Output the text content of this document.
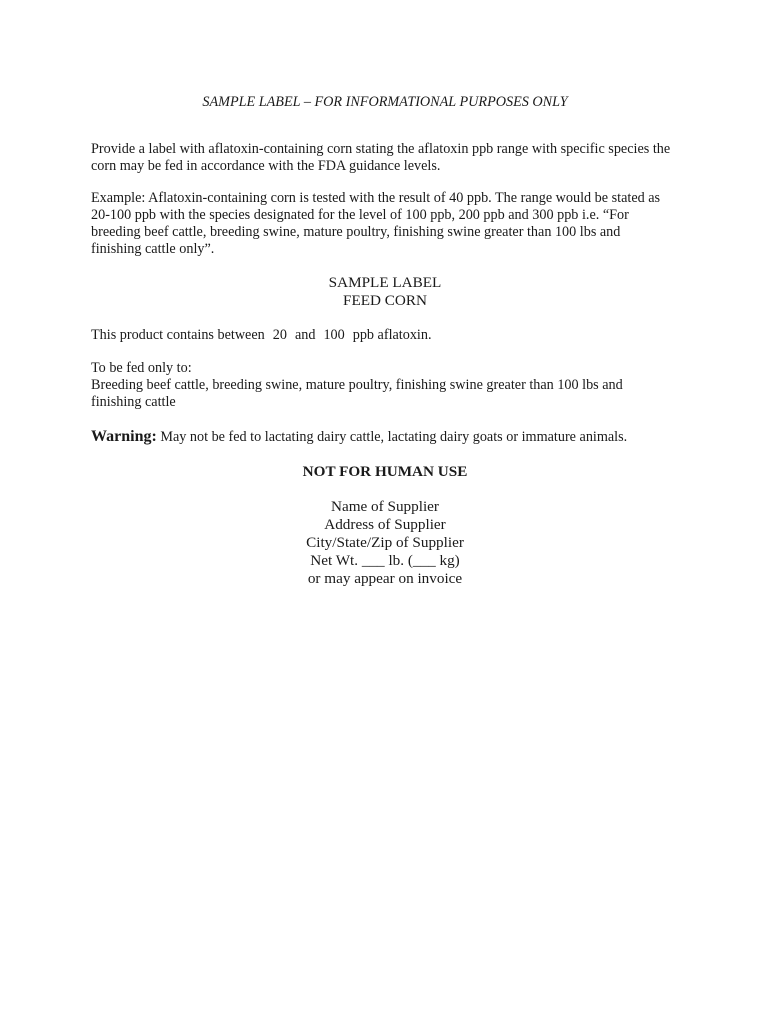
SAMPLE LABEL – FOR INFORMATIONAL PURPOSES ONLY

Provide a label with aflatoxin-containing corn stating the aflatoxin ppb range with specific species the corn may be fed in accordance with the FDA guidance levels.

Example: Aflatoxin-containing corn is tested with the result of 40 ppb. The range would be stated as 20-100 ppb with the species designated for the level of 100 ppb, 200 ppb and 300 ppb i.e. “For breeding beef cattle, breeding swine, mature poultry, finishing swine greater than 100 lbs and finishing cattle only”.

SAMPLE LABEL
FEED CORN

This product contains between 20 and 100 ppb aflatoxin.

To be fed only to:
Breeding beef cattle, breeding swine, mature poultry, finishing swine greater than 100 lbs and finishing cattle

Warning: May not be fed to lactating dairy cattle, lactating dairy goats or immature animals.

NOT FOR HUMAN USE
Name of Supplier
Address of Supplier
City/State/Zip of Supplier
Net Wt. ___ lb. (___ kg)
or may appear on invoice
